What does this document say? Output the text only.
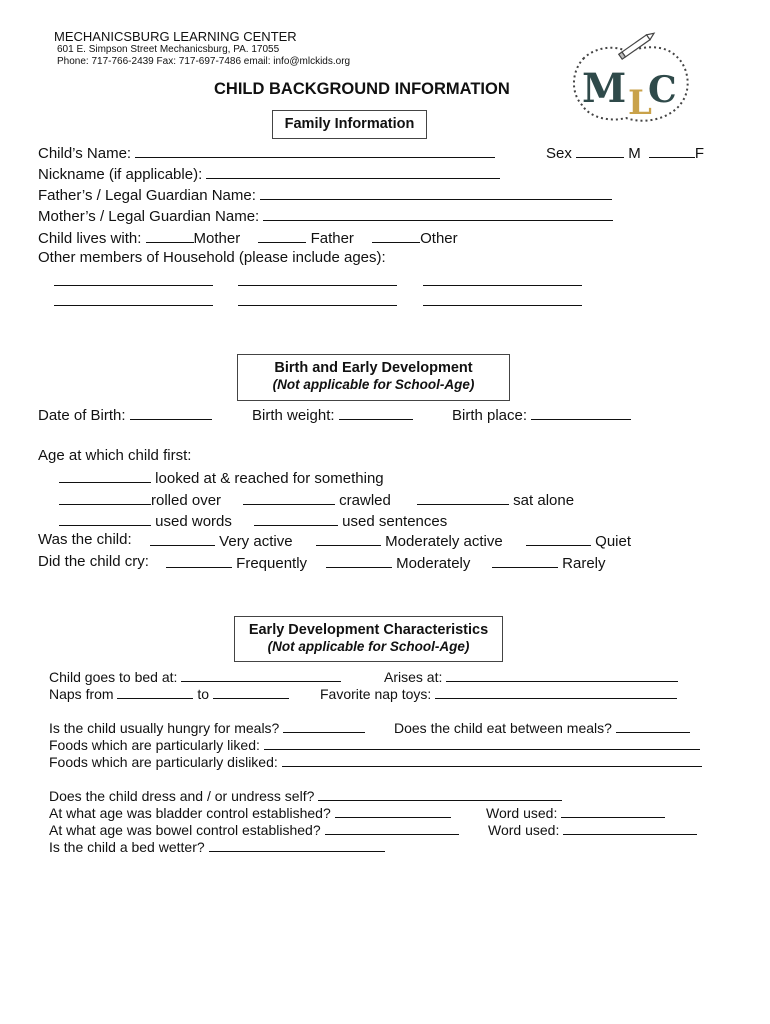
MECHANICSBURG LEARNING CENTER
601 E. Simpson Street Mechanicsburg, PA. 17055
Phone: 717-766-2439 Fax: 717-697-7486 email: info@mlckids.org
CHILD BACKGROUND INFORMATION M L
C
Family Information
Child’s Name:	Sex	M	F
Nickname (if applicable):
Father’s / Legal Guardian Name:
Mother’s / Legal Guardian Name:
Child lives with:	Mother	Father	Other
Other members of Household (please include ages):
Birth and Early Development
(Not applicable for School-Age)
Date of Birth:	Birth weight:	Birth place:
Age at which child first:
looked at & reached for something
rolled over	crawled	sat alone
used words	used sentences
Was the child:	Very active	Moderately active	Quiet
Did the child cry:	Frequently	Moderately	Rarely
Early Development Characteristics
(Not applicable for School-Age)
Child goes to bed at:	Arises at:
Naps from	to	Favorite nap toys:
Is the child usually hungry for meals?	Does the child eat between meals?
Foods which are particularly liked:
Foods which are particularly disliked:
Does the child dress and / or undress self?
At what age was bladder control established?	Word used:
At what age was bowel control established?	Word used:
Is the child a bed wetter?
